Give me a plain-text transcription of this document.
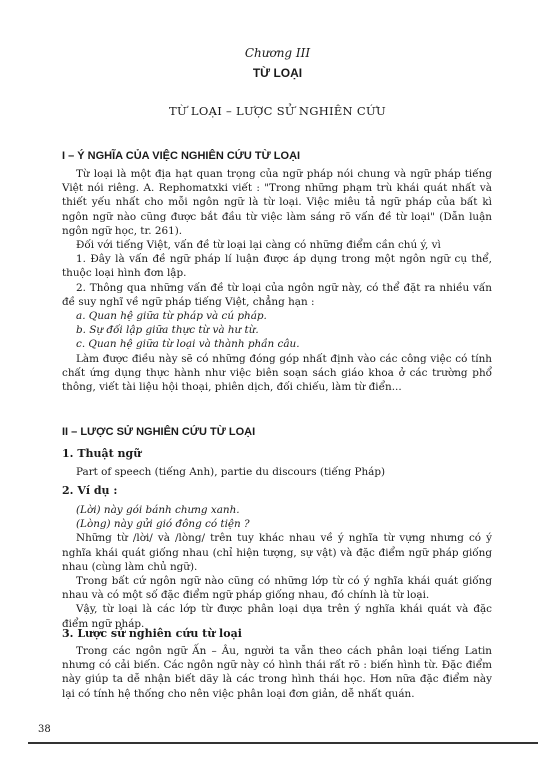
Chương III
TỪ LOẠI
TỪ LOẠI – LƯỢC SỬ NGHIÊN CỨU
I – Ý NGHĨA CỦA VIỆC NGHIÊN CỨU TỪ LOẠI

Từ loại là một địa hạt quan trọng của ngữ pháp nói chung và ngữ pháp tiếng Việt nói riêng. A. Rephomatxki viết : "Trong những phạm trù khái quát nhất và thiết yếu nhất cho mỗi ngôn ngữ là từ loại. Việc miêu tả ngữ pháp của bất kì ngôn ngữ nào cũng được bắt đầu từ việc làm sáng rõ vấn đề từ loại" (Dẫn luận ngôn ngữ học, tr. 261).

Đối với tiếng Việt, vấn đề từ loại lại càng có những điểm cần chú ý, vì

1. Đây là vấn đề ngữ pháp lí luận được áp dụng trong một ngôn ngữ cụ thể, thuộc loại hình đơn lập.

2. Thông qua những vấn đề từ loại của ngôn ngữ này, có thể đặt ra nhiều vấn đề suy nghĩ về ngữ pháp tiếng Việt, chẳng hạn :

a. Quan hệ giữa từ pháp và cú pháp.

b. Sự đối lập giữa thực từ và hư từ.

c. Quan hệ giữa từ loại và thành phần câu.

Làm được điều này sẽ có những đóng góp nhất định vào các công việc có tính chất ứng dụng thực hành như việc biên soạn sách giáo khoa ở các trường phổ thông, viết tài liệu hội thoại, phiên dịch, đối chiếu, làm từ điển...

II – LƯỢC SỬ NGHIÊN CỨU TỪ LOẠI
1. Thuật ngữ

Part of speech (tiếng Anh), partie du discours (tiếng Pháp)

2. Ví dụ :

(Lời) này gói bánh chưng xanh.

(Lòng) này gửi gió đông có tiện ?

Những từ /lời/ và /lòng/ trên tuy khác nhau về ý nghĩa từ vựng nhưng có ý nghĩa khái quát giống nhau (chỉ hiện tượng, sự vật) và đặc điểm ngữ pháp giống nhau (cùng làm chủ ngữ).

Trong bất cứ ngôn ngữ nào cũng có những lớp từ có ý nghĩa khái quát giống nhau và có một số đặc điểm ngữ pháp giống nhau, đó chính là từ loại.

Vậy, từ loại là các lớp từ được phân loại dựa trên ý nghĩa khái quát và đặc điểm ngữ pháp.

3. Lược sử nghiên cứu từ loại

Trong các ngôn ngữ Ấn – Âu, người ta vẫn theo cách phân loại tiếng Latin nhưng có cải biến. Các ngôn ngữ này có hình thái rất rõ : biến hình từ. Đặc điểm này giúp ta dễ nhận biết dãy là các trong hình thái học. Hơn nữa đặc điểm này lại có tính hệ thống cho nên việc phân loại đơn giản, dễ nhất quán.

38
